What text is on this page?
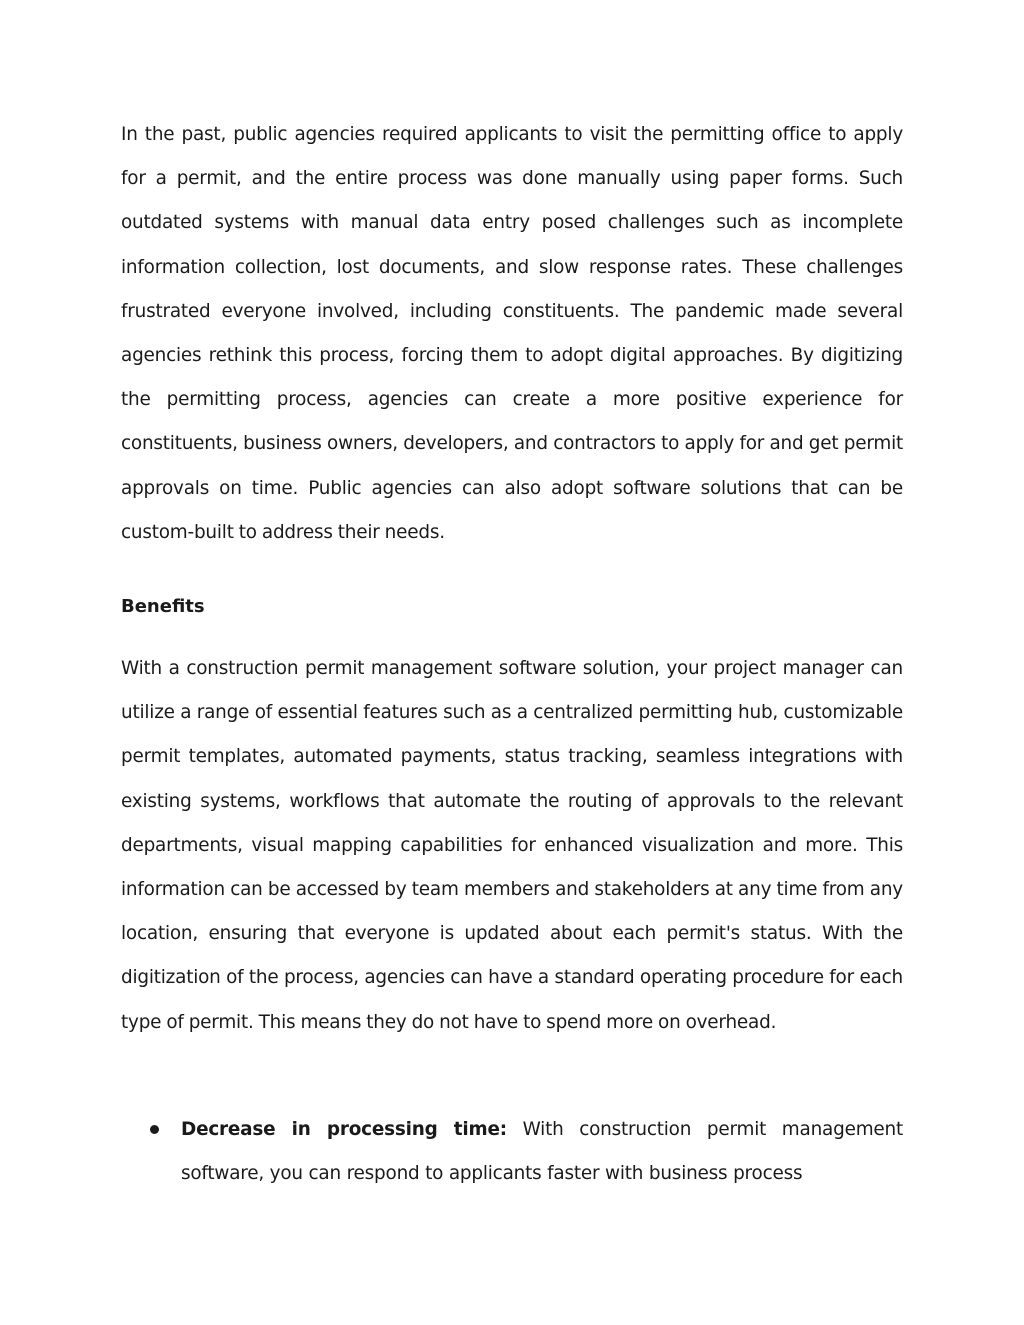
In the past, public agencies required applicants to visit the permitting office to apply for a permit, and the entire process was done manually using paper forms. Such outdated systems with manual data entry posed challenges such as incomplete information collection, lost documents, and slow response rates. These challenges frustrated everyone involved, including constituents. The pandemic made several agencies rethink this process, forcing them to adopt digital approaches. By digitizing the permitting process, agencies can create a more positive experience for constituents, business owners, developers, and contractors to apply for and get permit approvals on time. Public agencies can also adopt software solutions that can be custom-built to address their needs.

Benefits

With a construction permit management software solution, your project manager can utilize a range of essential features such as a centralized permitting hub, customizable permit templates, automated payments, status tracking, seamless integrations with existing systems, workflows that automate the routing of approvals to the relevant departments, visual mapping capabilities for enhanced visualization and more. This information can be accessed by team members and stakeholders at any time from any location, ensuring that everyone is updated about each permit's status. With the digitization of the process, agencies can have a standard operating procedure for each type of permit. This means they do not have to spend more on overhead.

Decrease in processing time: With construction permit management software, you can respond to applicants faster with business process
